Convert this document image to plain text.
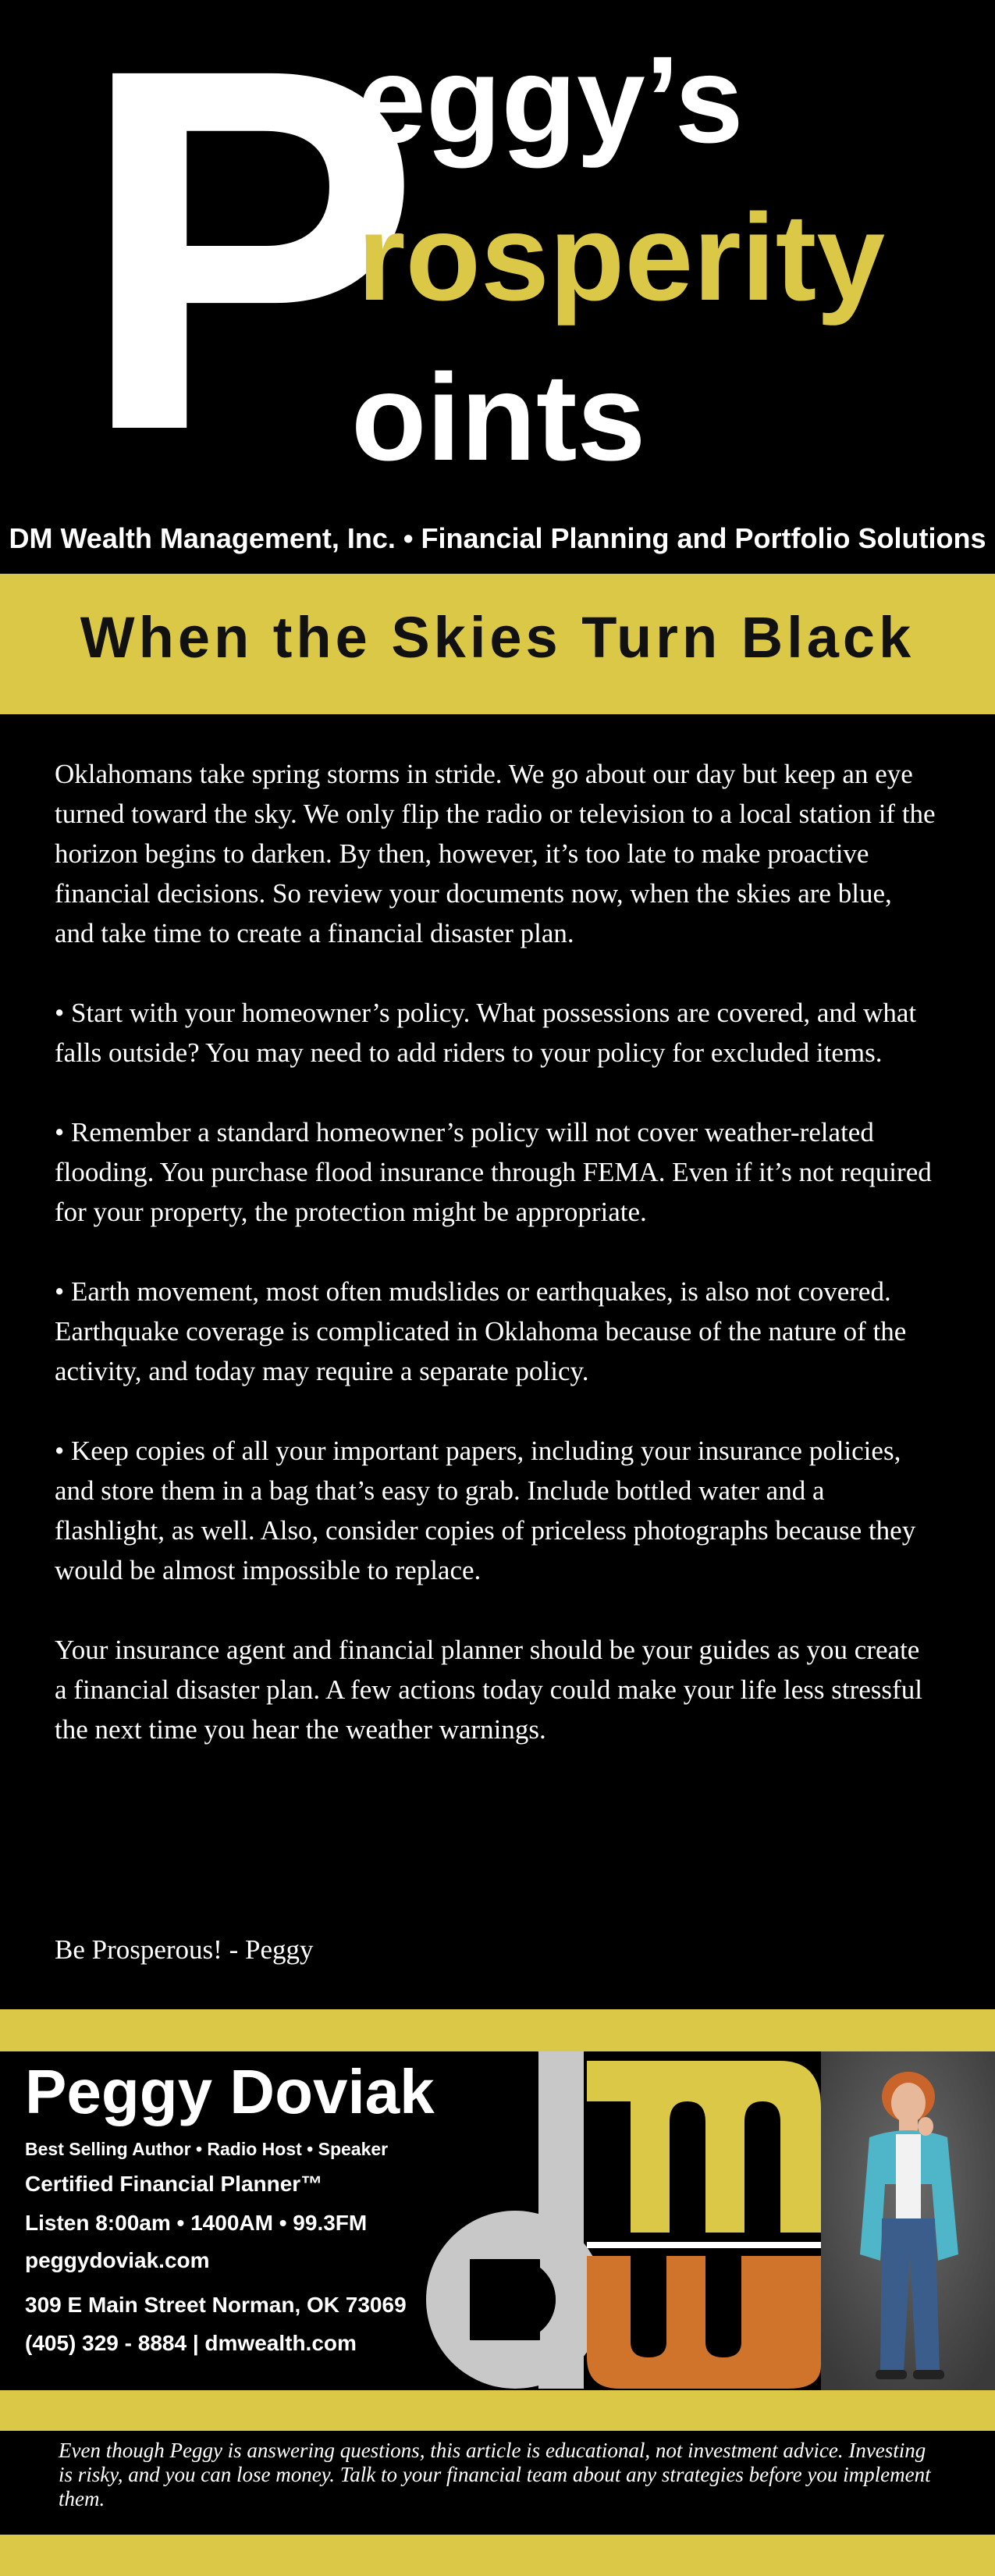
P
eggy’s
rosperity
oints
DM Wealth Management, Inc. • Financial Planning and Portfolio Solutions
When the Skies Turn Black

Oklahomans take spring storms in stride. We go about our day but keep an eye turned toward the sky. We only flip the radio or television to a local station if the horizon begins to darken. By then, however, it’s too late to make proactive financial decisions. So review your documents now, when the skies are blue, and take time to create a financial disaster plan.

• Start with your homeowner’s policy. What possessions are covered, and what falls outside? You may need to add riders to your policy for excluded items.

• Remember a standard homeowner’s policy will not cover weather-related flooding. You purchase flood insurance through FEMA. Even if it’s not required for your property, the protection might be appropriate.

• Earth movement, most often mudslides or earthquakes, is also not covered. Earthquake coverage is complicated in Oklahoma because of the nature of the activity, and today may require a separate policy.

• Keep copies of all your important papers, including your insurance policies, and store them in a bag that’s easy to grab. Include bottled water and a flashlight, as well. Also, consider copies of priceless photographs because they would be almost impossible to replace.

Your insurance agent and financial planner should be your guides as you create a financial disaster plan. A few actions today could make your life less stressful the next time you hear the weather warnings.

Be Prosperous! - Peggy
Peggy Doviak
Best Selling Author • Radio Host • Speaker
Certified Financial Planner™
Listen 8:00am • 1400AM • 99.3FM
peggydoviak.com
309 E Main Street Norman, OK 73069
(405) 329 - 8884 | dmwealth.com
Even though Peggy is answering questions, this article is educational, not investment advice. Investing is risky, and you can lose money. Talk to your financial team about any strategies before you implement them.
